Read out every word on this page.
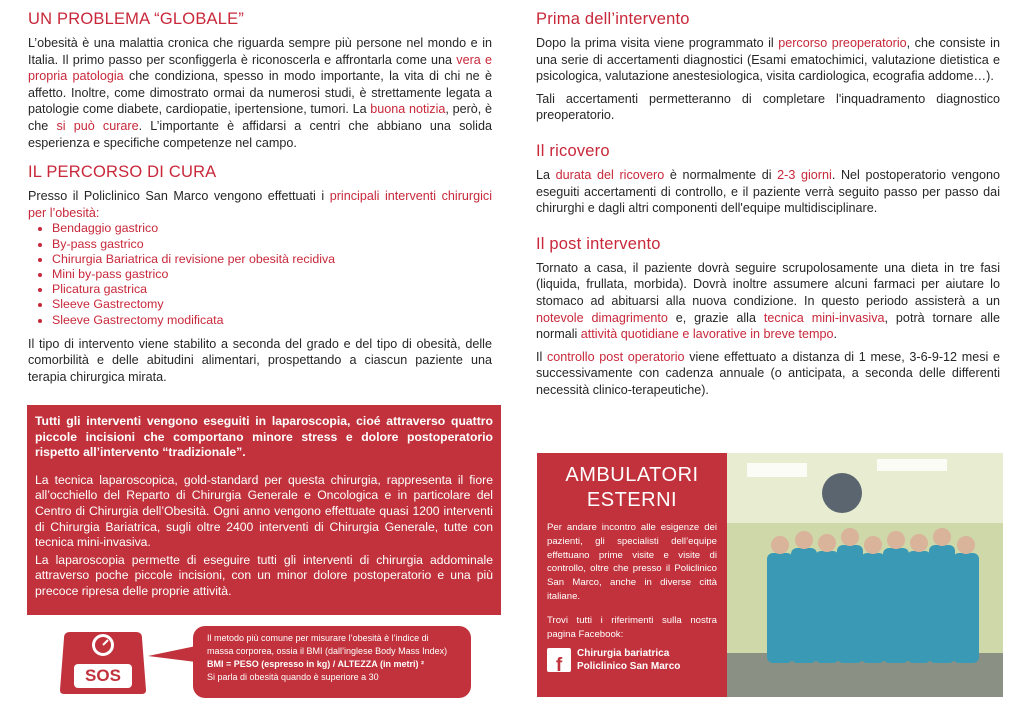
UN PROBLEMA “GLOBALE”

L’obesità è una malattia cronica che riguarda sempre più persone nel mondo e in Italia. Il primo passo per sconfiggerla è riconoscerla e affrontarla come una vera e propria patologia che condiziona, spesso in modo importante, la vita di chi ne è affetto. Inoltre, come dimostrato ormai da numerosi studi, è strettamente legata a patologie come diabete, cardiopatie, ipertensione, tumori. La buona notizia, però, è che si può curare. L’importante è affidarsi a centri che abbiano una solida esperienza e specifiche competenze nel campo.

IL PERCORSO DI CURA

Presso il Policlinico San Marco vengono effettuati i principali interventi chirurgici per l’obesità:

• Bendaggio gastrico
• By-pass gastrico
• Chirurgia Bariatrica di revisione per obesità recidiva
• Mini by-pass gastrico
• Plicatura gastrica
• Sleeve Gastrectomy
• Sleeve Gastrectomy modificata

Il tipo di intervento viene stabilito a seconda del grado e del tipo di obesità, delle comorbilità e delle abitudini alimentari, prospettando a ciascun paziente una terapia chirurgica mirata.

Tutti gli interventi vengono eseguiti in laparoscopia, cioé attraverso quattro piccole incisioni che comportano minore stress e dolore postoperatorio rispetto all’intervento “tradizionale”.

La tecnica laparoscopica, gold-standard per questa chirurgia, rappresenta il fiore all’occhiello del Reparto di Chirurgia Generale e Oncologica e in particolare del Centro di Chirurgia dell’Obesità. Ogni anno vengono effettuate quasi 1200 interventi di Chirurgia Bariatrica, sugli oltre 2400 interventi di Chirurgia Generale, tutte con tecnica mini-invasiva.

La laparoscopia permette di eseguire tutti gli interventi di chirurgia addominale attraverso poche piccole incisioni, con un minor dolore postoperatorio e una più precoce ripresa delle proprie attività.

SOS
Il metodo più comune per misurare l’obesità è l’indice di
massa corporea, ossia il BMI (dall’inglese Body Mass Index)
BMI = PESO (espresso in kg) / ALTEZZA (in metri) ²
Si parla di obesità quando è superiore a 30
Prima dell’intervento

Dopo la prima visita viene programmato il percorso preoperatorio, che consiste in una serie di accertamenti diagnostici (Esami ematochimici, valutazione dietistica e psicologica, valutazione anestesiologica, visita cardiologica, ecografia addome…).

Tali accertamenti permetteranno di completare l'inquadramento diagnostico preoperatorio.

Il ricovero

La durata del ricovero è normalmente di 2-3 giorni. Nel postoperatorio vengono eseguiti accertamenti di controllo, e il paziente verrà seguito passo per passo dai chirurghi e dagli altri componenti dell'equipe multidisciplinare.

Il post intervento

Tornato a casa, il paziente dovrà seguire scrupolosamente una dieta in tre fasi (liquida, frullata, morbida). Dovrà inoltre assumere alcuni farmaci per aiutare lo stomaco ad abituarsi alla nuova condizione. In questo periodo assisterà a un notevole dimagrimento e, grazie alla tecnica mini-invasiva, potrà tornare alle normali attività quotidiane e lavorative in breve tempo.

Il controllo post operatorio viene effettuato a distanza di 1 mese, 3-6-9-12 mesi e successivamente con cadenza annuale (o anticipata, a seconda delle differenti necessità clinico-terapeutiche).

AMBULATORI ESTERNI

Per andare incontro alle esigenze dei pazienti, gli specialisti dell’equipe effettuano prime visite e visite di controllo, oltre che presso il Policlinico San Marco, anche in diverse città italiane.

Trovi tutti i riferimenti sulla nostra pagina Facebook:

f
Chirurgia bariatrica
Policlinico San Marco
